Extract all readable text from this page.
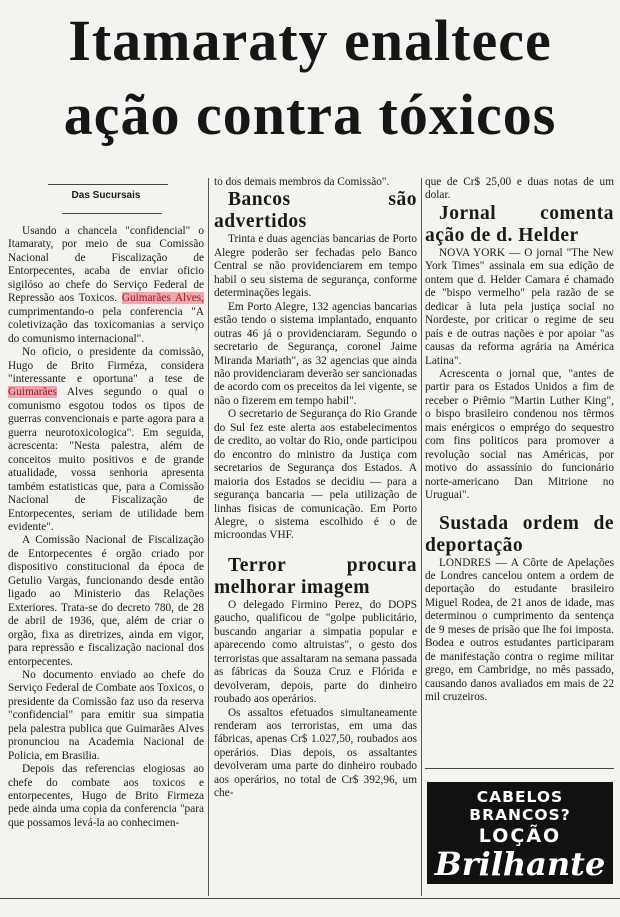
Itamaraty enaltece
ação contra tóxicos
Das Sucursais

Usando a chancela "confidencial" o Itamaraty, por meio de sua Comissão Nacional de Fiscalização de Entorpecentes, acaba de enviar oficio sigilóso ao chefe do Serviço Federal de Repressão aos Toxicos. Guimarães Alves, cumprimentando-o pela conferencia "A coletivização das toxicomanias a serviço do comunismo internacional".

No oficio, o presidente da comissão, Hugo de Brito Firméza, considera "interessante e oportuna" a tese de Guimarães Alves segundo o qual o comunismo esgotou todos os tipos de guerras convencionais e parte agora para a guerra neurotoxicologica". Em seguida, acrescenta: "Nesta palestra, além de conceitos muito positivos e de grande atualidade, vossa senhoria apresenta também estatisticas que, para a Comissão Nacional de Fiscalização de Entorpecentes, seriam de utilidade bem evidente".

A Comissão Nacional de Fiscalização de Entorpecentes é orgão criado por dispositivo constitucional da época de Getulio Vargas, funcionando desde então ligado ao Ministerio das Relações Exteriores. Trata-se do decreto 780, de 28 de abril de 1936, que, além de criar o orgão, fixa as diretrizes, ainda em vigor, para repressão e fiscalização nacional dos entorpecentes.

No documento enviado ao chefe do Serviço Federal de Combate aos Toxicos, o presidente da Comissão faz uso da reserva "confidencial" para emitir sua simpatia pela palestra publica que Guimarães Alves pronunciou na Academia Nacional de Policia, em Brasilia.

Depois das referencias elogiosas ao chefe do combate aos toxicos e entorpecentes, Hugo de Brito Firmeza pede ainda uma copia da conferencia "para que possamos levá-la ao conhecimen-

to dos demais membros da Comissão".

Bancos são advertidos

Trinta e duas agencias bancarias de Porto Alegre poderão ser fechadas pelo Banco Central se não providenciarem em tempo habil o seu sistema de segurança, conforme determinações legais.

Em Porto Alegre, 132 agencias bancarias estão tendo o sistema implantado, enquanto outras 46 já o providenciaram. Segundo o secretario de Segurança, coronel Jaime Miranda Mariath", as 32 agencias que ainda não providenciaram deverão ser sancionadas de acordo com os preceitos da lei vigente, se não o fizerem em tempo habil".

O secretario de Segurança do Rio Grande do Sul fez este alerta aos estabelecimentos de credito, ao voltar do Rio, onde participou do encontro do ministro da Justiça com secretarios de Segurança dos Estados. A maioria dos Estados se decidiu — para a segurança bancaria — pela utilização de linhas fisicas de comunicação. Em Porto Alegre, o sistema escolhido é o de microondas VHF.

Terror procura melhorar imagem

O delegado Firmino Perez, do DOPS gaucho, qualificou de "golpe publicitário, buscando angariar a simpatia popular e aparecendo como altruistas", o gesto dos terroristas que assaltaram na semana passada as fábricas da Souza Cruz e Flórida e devolveram, depois, parte do dinheiro roubado aos operários.

Os assaltos efetuados simultaneamente renderam aos terroristas, em uma das fábricas, apenas Cr$ 1.027,50, roubados aos operários. Dias depois, os assaltantes devolveram uma parte do dinheiro roubado aos operários, no total de Cr$ 392,96, um che-

que de Cr$ 25,00 e duas notas de um dolar.

Jornal comenta ação de d. Helder

NOVA YORK — O jornal "The New York Times" assinala em sua edição de ontem que d. Helder Camara é chamado de "bispo vermelho" pela razão de se dedicar à luta pela justiça social no Nordeste, por criticar o regime de seu país e de outras nações e por apoiar "as causas da reforma agrária na América Latina".

Acrescenta o jornal que, "antes de partir para os Estados Unidos a fim de receber o Prêmio "Martin Luther King", o bispo brasileiro condenou nos têrmos mais enérgicos o emprégo do sequestro com fins politicos para promover a revolução social nas Américas, por motivo do assassínio do funcionário norte-americano Dan Mitrione no Uruguai".

Sustada ordem de deportação

LONDRES — A Côrte de Apelações de Londres cancelou ontem a ordem de deportação do estudante brasileiro Miguel Rodea, de 21 anos de idade, mas determinou o cumprimento da sentença de 9 meses de prisão que lhe foi imposta. Bodea e outros estudantes participaram de manifestação contra o regime militar grego, em Cambridge, no mês passado, causando danos avaliados em mais de 22 mil cruzeiros.

CABELOS BRANCOS?
LOÇÃO
Brilhante
